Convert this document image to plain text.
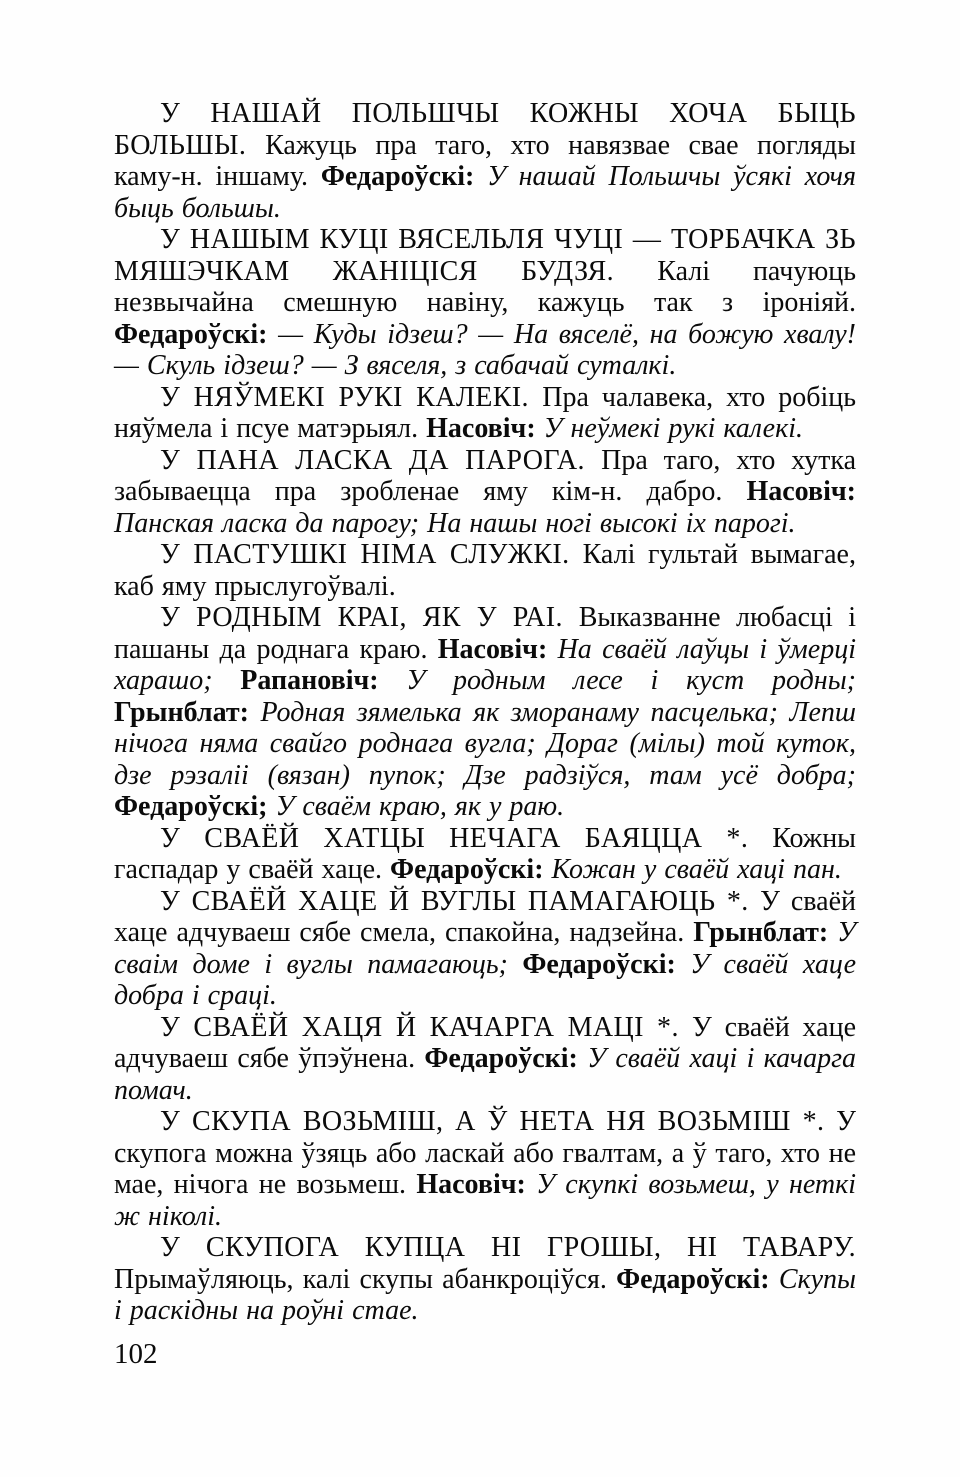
У НАШАЙ ПОЛЬШЧЫ КОЖНЫ ХОЧА БЫЦЬ БОЛЬШЫ. Кажуць пра таго, хто навязвае свае погляды каму-н. іншаму. Федароўскі: У нашай Польшчы ўсякі хочя быць большы.

У НАШЫМ КУЦІ ВЯСЕЛЬЛЯ ЧУЦІ — ТОРБАЧКА ЗЬ МЯШЭЧКАМ ЖАНІЦІСЯ БУДЗЯ. Калі пачуюць незвычайна смешную навіну, кажуць так з іроніяй. Федароўскі: — Куды ідзеш? — На вяселё, на божую хвалу! — Скуль ідзеш? — З вяселя, з сабачай суталкі.

У НЯЎМЕКІ РУКІ КАЛЕКІ. Пра чалавека, хто робіць няўмела і псуе матэрыял. Насовіч: У неўмекі рукі калекі.

У ПАНА ЛАСКА ДА ПАРОГА. Пра таго, хто хутка забываецца пра зробленае яму кім-н. дабро. Насовіч: Панская ласка да парогу; На нашы ногі высокі іх парогі.

У ПАСТУШКІ НІМА СЛУЖКІ. Калі гультай вымагае, каб яму прыслугоўвалі.

У РОДНЫМ КРАІ, ЯК У РАІ. Выказванне любасці і пашаны да роднага краю. Насовіч: На сваёй лаўцы і ўмерці харашо; Рапановіч: У родным лесе і куст родны; Грынблат: Родная зямелька як зморанаму пасцелька; Лепш нічога няма свайго роднага вугла; Дораг (мілы) той куток, дзе рэзаліі (вязан) пупок; Дзе радзіўся, там усё добра; Федароўскі; У сваём краю, як у раю.

У СВАЁЙ ХАТЦЫ НЕЧАГА БАЯЦЦА *. Кожны гаспадар у сваёй хаце. Федароўскі: Кожан у сваёй хаці пан.

У СВАЁЙ ХАЦЕ Й ВУГЛЫ ПАМАГАЮЦЬ *. У сваёй хаце адчуваеш сябе смела, спакойна, надзейна. Грынблат: У сваім доме і вуглы памагаюць; Федароўскі: У сваёй хаце добра і сраці.

У СВАЁЙ ХАЦЯ Й КАЧАРГА МАЦІ *. У сваёй хаце адчуваеш сябе ўпэўнена. Федароўскі: У сваёй хаці і качарга помач.

У СКУПА ВОЗЬМІШ, А Ў НЕТА НЯ ВОЗЬМІШ *. У скупога можна ўзяць або ласкай або гвалтам, а ў таго, хто не мае, нічога не возьмеш. Насовіч: У скупкі возьмеш, у неткі ж ніколі.

У СКУПОГА КУПЦА НІ ГРОШЫ, НІ ТАВАРУ. Прымаўляюць, калі скупы абанкроціўся. Федароўскі: Скупы і раскідны на роўні стае.

102
